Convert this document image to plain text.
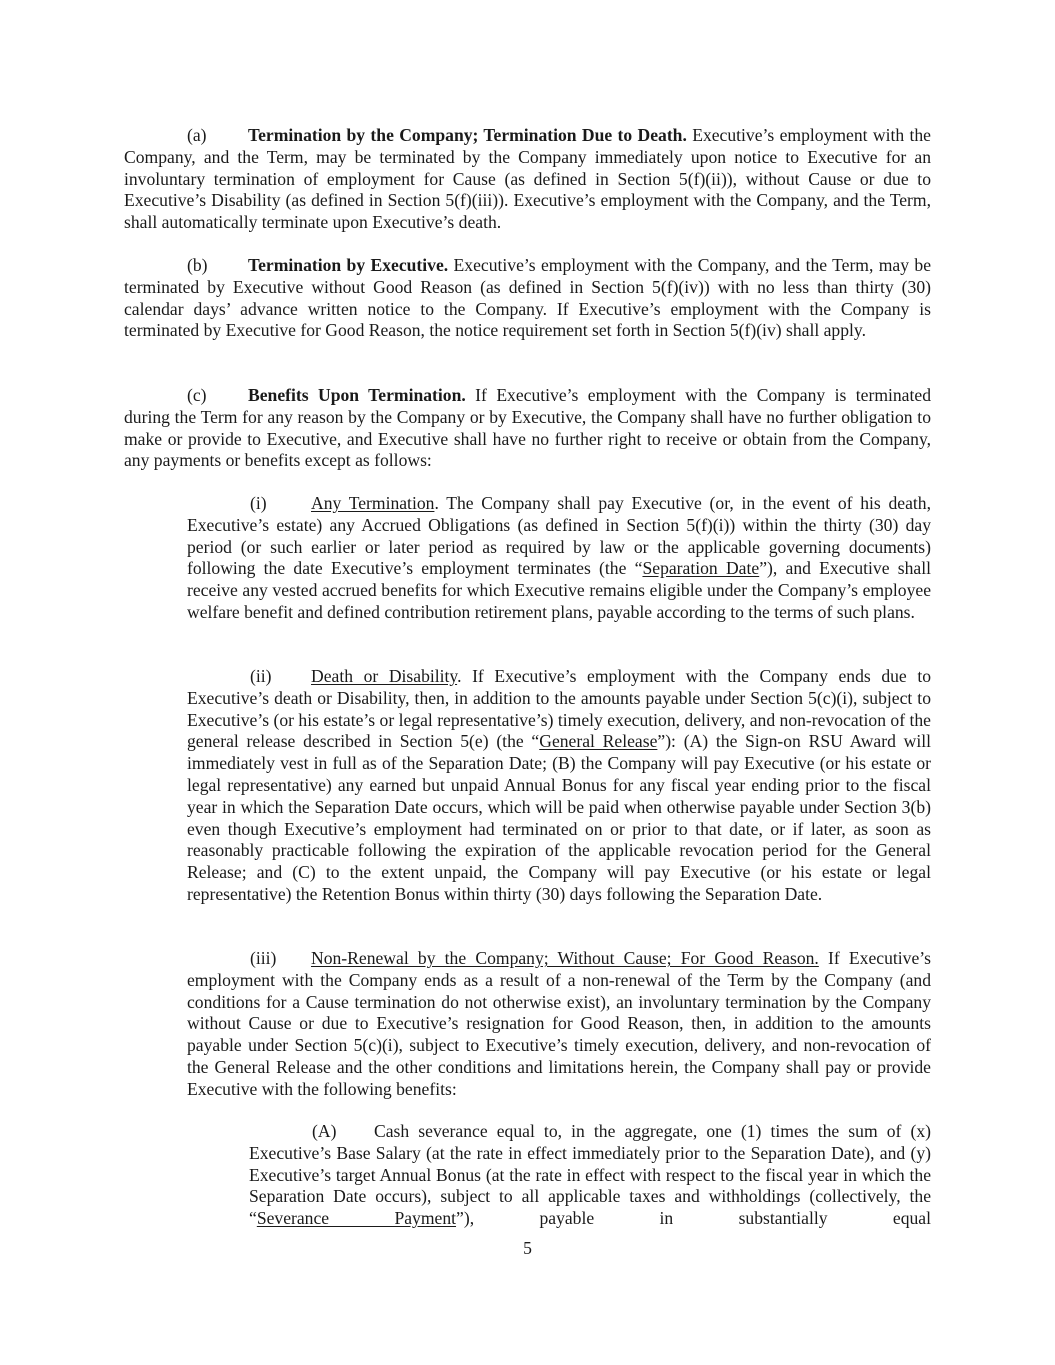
(a) Termination by the Company; Termination Due to Death. Executive’s employment with the Company, and the Term, may be terminated by the Company immediately upon notice to Executive for an involuntary termination of employment for Cause (as defined in Section 5(f)(ii)), without Cause or due to Executive’s Disability (as defined in Section 5(f)(iii)). Executive’s employment with the Company, and the Term, shall automatically terminate upon Executive’s death.

(b) Termination by Executive. Executive’s employment with the Company, and the Term, may be terminated by Executive without Good Reason (as defined in Section 5(f)(iv)) with no less than thirty (30) calendar days’ advance written notice to the Company. If Executive’s employment with the Company is terminated by Executive for Good Reason, the notice requirement set forth in Section 5(f)(iv) shall apply.

(c) Benefits Upon Termination. If Executive’s employment with the Company is terminated during the Term for any reason by the Company or by Executive, the Company shall have no further obligation to make or provide to Executive, and Executive shall have no further right to receive or obtain from the Company, any payments or benefits except as follows:

(i)	Any Termination. The Company shall pay Executive (or, in the event of his death, Executive’s estate) any Accrued Obligations (as defined in Section 5(f)(i)) within the thirty (30) day period (or such earlier or later period as required by law or the applicable governing documents) following the date Executive’s employment terminates (the “Separation Date”), and Executive shall receive any vested accrued benefits for which Executive remains eligible under the Company’s employee welfare benefit and defined contribution retirement plans, payable according to the terms of such plans.

(ii) Death or Disability. If Executive’s employment with the Company ends due to Executive’s death or Disability, then, in addition to the amounts payable under Section 5(c)(i), subject to Executive’s (or his estate’s or legal representative’s) timely execution, delivery, and non-revocation of the general release described in Section 5(e) (the “General Release”): (A) the Sign-on RSU Award will immediately vest in full as of the Separation Date; (B) the Company will pay Executive (or his estate or legal representative) any earned but unpaid Annual Bonus for any fiscal year ending prior to the fiscal year in which the Separation Date occurs, which will be paid when otherwise payable under Section 3(b) even though Executive’s employment had terminated on or prior to that date, or if later, as soon as reasonably practicable following the expiration of the applicable revocation period for the General Release; and (C) to the extent unpaid, the Company will pay Executive (or his estate or legal representative) the Retention Bonus within thirty (30) days following the Separation Date.

(iii) Non-Renewal by the Company; Without Cause; For Good Reason. If Executive’s employment with the Company ends as a result of a non-renewal of the Term by the Company (and conditions for a Cause termination do not otherwise exist), an involuntary termination by the Company without Cause or due to Executive’s resignation for Good Reason, then, in addition to the amounts payable under Section 5(c)(i), subject to Executive’s timely execution, delivery, and non-revocation of the General Release and the other conditions and limitations herein, the Company shall pay or provide Executive with the following benefits:

(A) Cash severance equal to, in the aggregate, one (1) times the sum of (x) Executive’s Base Salary (at the rate in effect immediately prior to the Separation Date), and (y) Executive’s target Annual Bonus (at the rate in effect with respect to the fiscal year in which the Separation Date occurs), subject to all applicable taxes and withholdings (collectively, the “Severance Payment”), payable in substantially equal

5
